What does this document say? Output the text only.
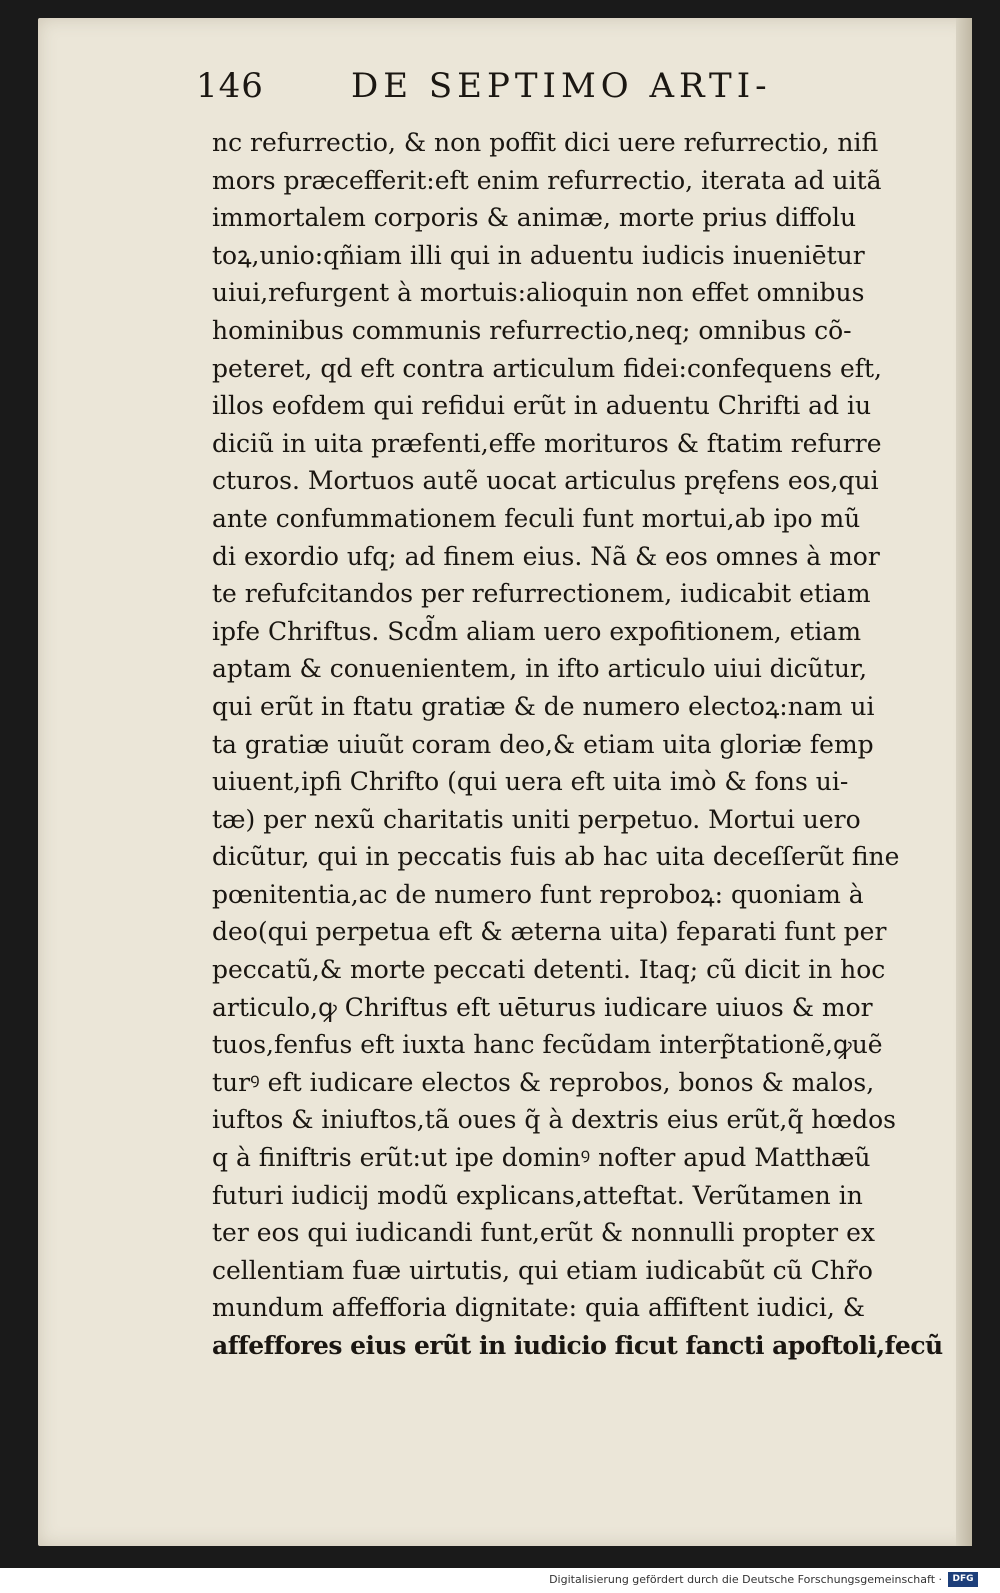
146	DE SEPTIMO ARTI-
nc refurrectio, & non poffit dici uere refurrectio, nifi
mors præcefferit:eft enim refurrectio, iterata ad uitã
immortalem corporis & animæ, morte prius diffolu
toꝝ,unio:qñiam illi qui in aduentu iudicis inueniētur
uiui,refurgent à mortuis:alioquin non effet omnibus
hominibus communis refurrectio,neq; omnibus cõ-
peteret, qd eft contra articulum fidei:confequens eft,
illos eofdem qui refidui erũt in aduentu Chrifti ad iu
diciũ in uita præfenti,effe morituros & ftatim refurre
cturos. Mortuos autẽ uocat articulus pręfens eos,qui
ante confummationem feculi funt mortui,ab ipo mũ
di exordio ufq; ad finem eius. Nã & eos omnes à mor
te refufcitandos per refurrectionem, iudicabit etiam
ipfe Chriftus. Scd̃m aliam uero expofitionem, etiam
aptam & conuenientem, in ifto articulo uiui dicũtur,
qui erũt in ftatu gratiæ & de numero electoꝝ:nam ui
ta gratiæ uiuũt coram deo,& etiam uita gloriæ femp
uiuent,ipfi Chrifto (qui uera eft uita imò & fons ui-
tæ) per nexũ charitatis uniti perpetuo. Mortui uero
dicũtur, qui in peccatis fuis ab hac uita deceſſerũt fine
pœnitentia,ac de numero funt reproboꝝ: quoniam à
deo(qui perpetua eft & æterna uita) feparati funt per
peccatũ,& morte peccati detenti. Itaq; cũ dicit in hoc
articulo,ꝙ Chriftus eft uēturus iudicare uiuos & mor
tuos,fenfus eft iuxta hanc fecũdam interp̃tationẽ,ꝙuẽ
turꝰ eft iudicare electos & reprobos, bonos & malos,
iuftos & iniuftos,tã oues q̃ à dextris eius erũt,q̃ hœdos
q à finiftris erũt:ut ipe dominꝰ nofter apud Matthæũ
futuri iudicij modũ explicans,atteftat. Verũtamen in
ter eos qui iudicandi funt,erũt & nonnulli propter ex
cellentiam fuæ uirtutis, qui etiam iudicabũt cũ Chr̃o
mundum affefforia dignitate: quia affiftent iudici, &
affeffores eius erũt in iudicio ficut fancti apoftoli,fecũ
Digitalisierung gefördert durch die Deutsche Forschungsgemeinschaft ·	DFG
